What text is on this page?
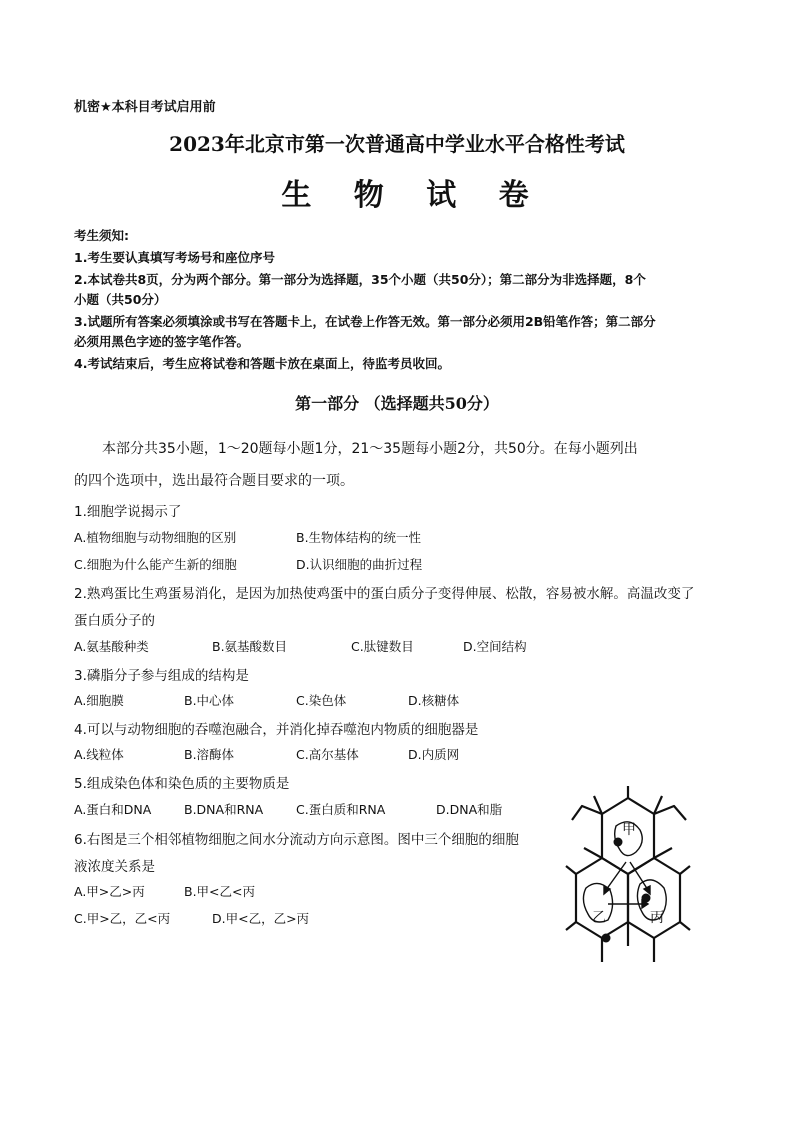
机密★本科目考试启用前
2023年北京市第一次普通高中学业水平合格性考试
生 物 试 卷
考生须知:
1.考生要认真填写考场号和座位序号
2.本试卷共8页，分为两个部分。第一部分为选择题，35个小题（共50分）；第二部分为非选择题，8个
小题（共50分）
3.试题所有答案必须填涂或书写在答题卡上，在试卷上作答无效。第一部分必须用2B铅笔作答；第二部分
必须用黑色字迹的签字笔作答。
4.考试结束后，考生应将试卷和答题卡放在桌面上，待监考员收回。
第一部分 （选择题共50分）
本部分共35小题，1～20题每小题1分，21～35题每小题2分，共50分。在每小题列出
的四个选项中，选出最符合题目要求的一项。
1.细胞学说揭示了
A.植物细胞与动物细胞的区别	B.生物体结构的统一性
C.细胞为什么能产生新的细胞	D.认识细胞的曲折过程
2.熟鸡蛋比生鸡蛋易消化，是因为加热使鸡蛋中的蛋白质分子变得伸展、松散，容易被水解。高温改变了
蛋白质分子的
A.氨基酸种类	B.氨基酸数目	C.肽键数目	D.空间结构
3.磷脂分子参与组成的结构是
A.细胞膜	B.中心体	C.染色体	D.核糖体
4.可以与动物细胞的吞噬泡融合，并消化掉吞噬泡内物质的细胞器是
A.线粒体	B.溶酶体	C.高尔基体	D.内质网
5.组成染色体和染色质的主要物质是
A.蛋白和DNA	B.DNA和RNA	C.蛋白质和RNA	D.DNA和脂
6.右图是三个相邻植物细胞之间水分流动方向示意图。图中三个细胞的细胞
液浓度关系是
A.甲>乙>丙	B.甲<乙<丙
C.甲>乙，乙<丙	D.甲<乙，乙>丙
甲
乙	丙
